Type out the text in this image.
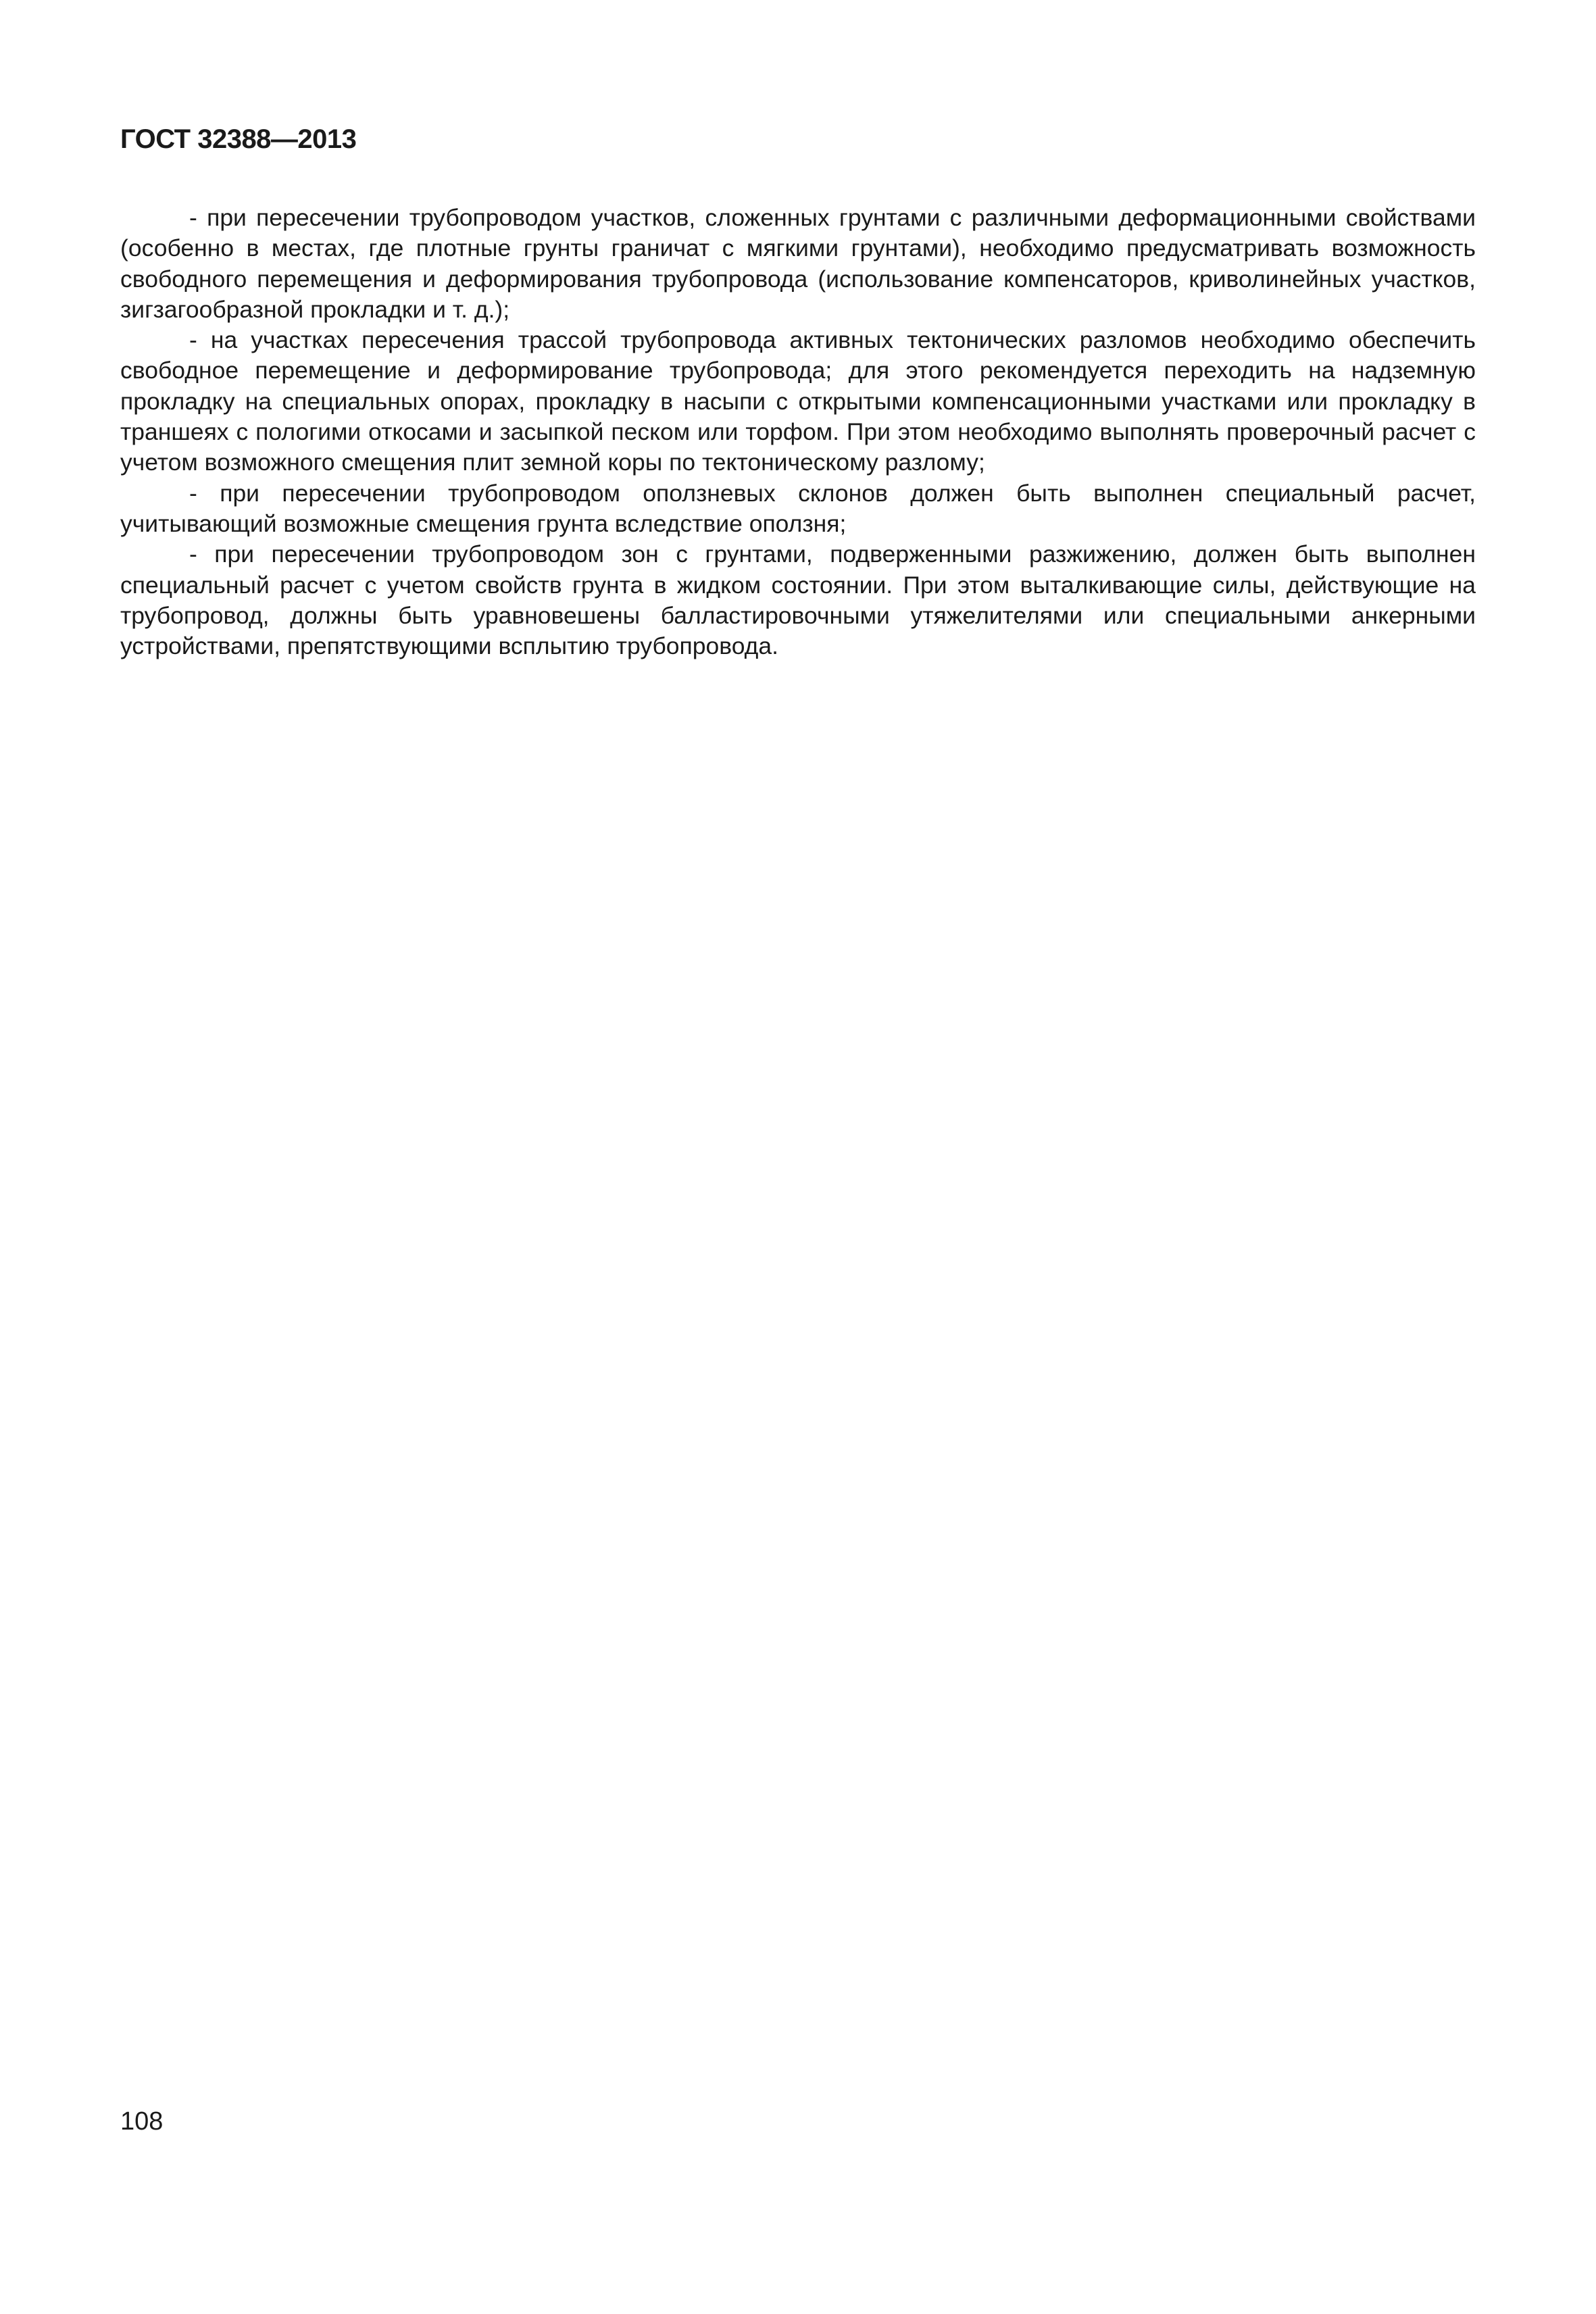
ГОСТ 32388—2013

- при пересечении трубопроводом участков, сложенных грунтами с различными деформационными свойствами (особенно в местах, где плотные грунты граничат с мягкими грунтами), необходимо предусматривать возможность свободного перемещения и деформирования трубопровода (использование компенсаторов, криволинейных участков, зигзагообразной прокладки и т. д.);

- на участках пересечения трассой трубопровода активных тектонических разломов необходимо обеспечить свободное перемещение и деформирование трубопровода; для этого рекомендуется переходить на надземную прокладку на специальных опорах, прокладку в насыпи с открытыми компенсационными участками или прокладку в траншеях с пологими откосами и засыпкой песком или торфом. При этом необходимо выполнять проверочный расчет с учетом возможного смещения плит земной коры по тектоническому разлому;

- при пересечении трубопроводом оползневых склонов должен быть выполнен специальный расчет, учитывающий возможные смещения грунта вследствие оползня;

- при пересечении трубопроводом зон с грунтами, подверженными разжижению, должен быть выполнен специальный расчет с учетом свойств грунта в жидком состоянии. При этом выталкивающие силы, действующие на трубопровод, должны быть уравновешены балластировочными утяжелителями или специальными анкерными устройствами, препятствующими всплытию трубопровода.

108
